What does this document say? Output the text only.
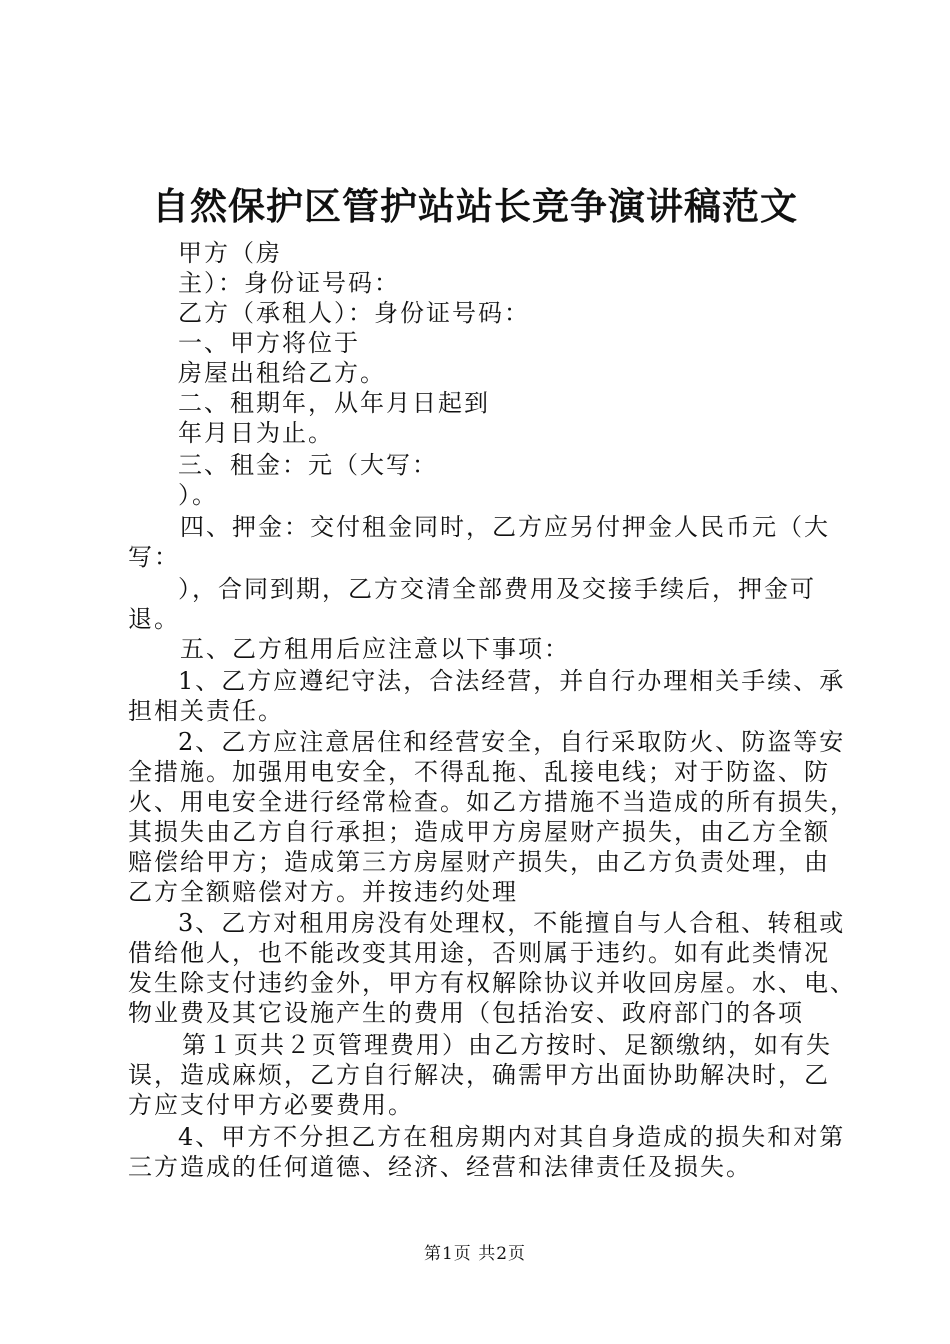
自然保护区管护站站长竞争演讲稿范文

甲方（房

主）：身份证号码：

乙方（承租人）：身份证号码：

一、甲方将位于

房屋出租给乙方。

二、租期年，从年月日起到

年月日为止。

三、租金：元（大写：

）。

四、押金：交付租金同时，乙方应另付押金人民币元（大

写：

），合同到期，乙方交清全部费用及交接手续后，押金可

退。

五、乙方租用后应注意以下事项：

1、乙方应遵纪守法，合法经营，并自行办理相关手续、承

担相关责任。

2、乙方应注意居住和经营安全，自行采取防火、防盗等安

全措施。加强用电安全，不得乱拖、乱接电线；对于防盗、防

火、用电安全进行经常检查。如乙方措施不当造成的所有损失，

其损失由乙方自行承担；造成甲方房屋财产损失，由乙方全额

赔偿给甲方；造成第三方房屋财产损失，由乙方负责处理，由

乙方全额赔偿对方。并按违约处理

3、乙方对租用房没有处理权，不能擅自与人合租、转租或

借给他人，也不能改变其用途，否则属于违约。如有此类情况

发生除支付违约金外，甲方有权解除协议并收回房屋。水、电、

物业费及其它设施产生的费用（包括治安、政府部门的各项

第１页共２页管理费用）由乙方按时、足额缴纳，如有失

误，造成麻烦，乙方自行解决，确需甲方出面协助解决时，乙

方应支付甲方必要费用。

4、甲方不分担乙方在租房期内对其自身造成的损失和对第

三方造成的任何道德、经济、经营和法律责任及损失。

第1页 共2页
